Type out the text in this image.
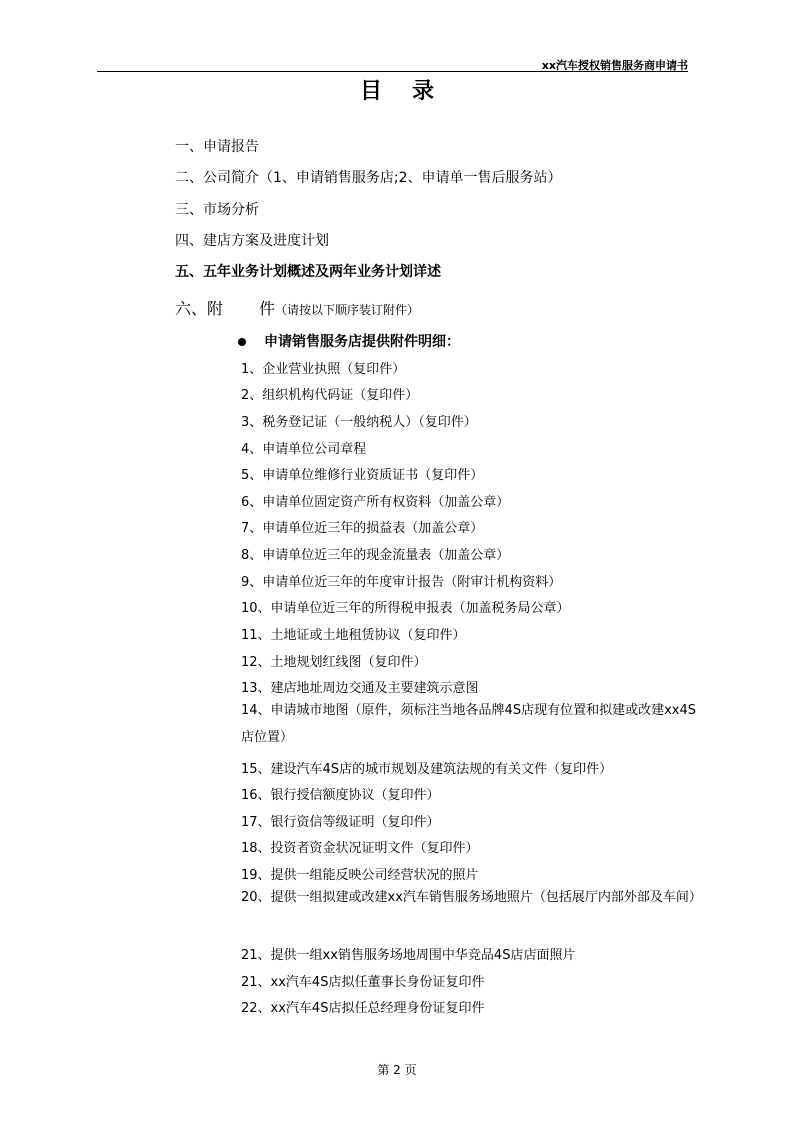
xx汽车授权销售服务商申请书
目录
一、申请报告
二、公司简介（1、申请销售服务店;2、申请单一售后服务站）
三、市场分析
四、建店方案及进度计划
五、五年业务计划概述及两年业务计划详述
六、附 件（请按以下顺序装订附件）
申请销售服务店提供附件明细：
1、企业营业执照（复印件）
2、组织机构代码证（复印件）
3、税务登记证（一般纳税人）（复印件）
4、申请单位公司章程
5、申请单位维修行业资质证书（复印件）
6、申请单位固定资产所有权资料（加盖公章）
7、申请单位近三年的损益表（加盖公章）
8、申请单位近三年的现金流量表（加盖公章）
9、申请单位近三年的年度审计报告（附审计机构资料）
10、申请单位近三年的所得税申报表（加盖税务局公章）
11、土地证或土地租赁协议（复印件）
12、土地规划红线图（复印件）
13、建店地址周边交通及主要建筑示意图
14、申请城市地图（原件，须标注当地各品牌4S店现有位置和拟建或改建xx4S店位置）
15、建设汽车4S店的城市规划及建筑法规的有关文件（复印件）
16、银行授信额度协议（复印件）
17、银行资信等级证明（复印件）
18、投资者资金状况证明文件（复印件）
19、提供一组能反映公司经营状况的照片
20、提供一组拟建或改建xx汽车销售服务场地照片（包括展厅内部外部及车间）
21、提供一组xx销售服务场地周围中华竞品4S店店面照片
21、xx汽车4S店拟任董事长身份证复印件
22、xx汽车4S店拟任总经理身份证复印件
第 2 页
